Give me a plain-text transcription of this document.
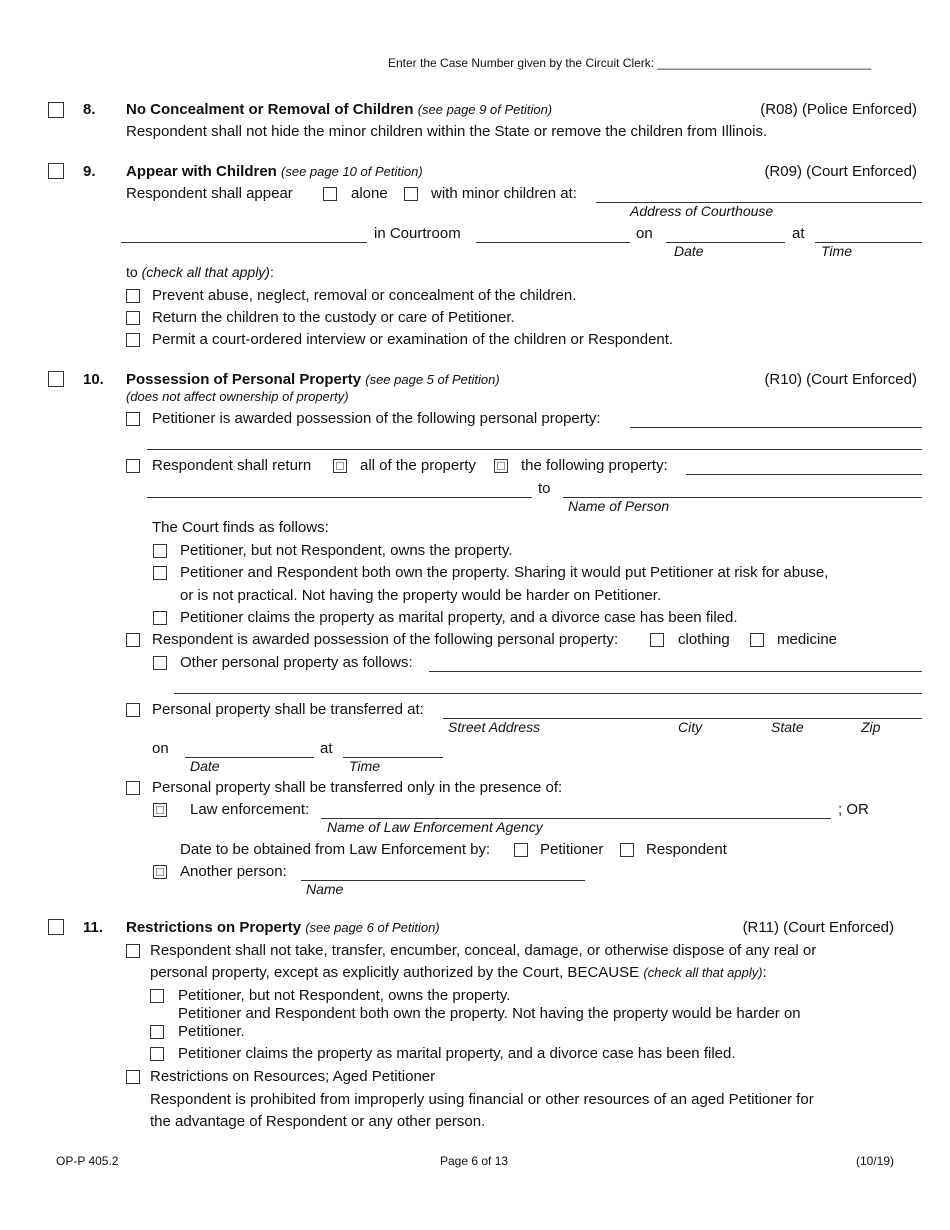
Enter the Case Number given by the Circuit Clerk: ________________________________
8. No Concealment or Removal of Children (see page 9 of Petition)	(R08) (Police Enforced)
Respondent shall not hide the minor children within the State or remove the children from Illinois.
9. Appear with Children (see page 10 of Petition)	(R09) (Court Enforced)
Respondent shall appear	alone	with minor children at:
Address of Courthouse
in Courtroom	on
Date
at
Time
to (check all that apply):
Prevent abuse, neglect, removal or concealment of the children.
Return the children to the custody or care of Petitioner.
Permit a court-ordered interview or examination of the children or Respondent.
10. Possession of Personal Property (see page 5 of Petition)	(R10) (Court Enforced)
(does not affect ownership of property)
Petitioner is awarded possession of the following personal property:
Respondent shall return	all of the property	the following property:
to
Name of Person
The Court finds as follows:
Petitioner, but not Respondent, owns the property.
Petitioner and Respondent both own the property. Sharing it would put Petitioner at risk for abuse,
or is not practical. Not having the property would be harder on Petitioner.
Petitioner claims the property as marital property, and a divorce case has been filed.
Respondent is awarded possession of the following personal property:	clothing	medicine
Other personal property as follows:
Personal property shall be transferred at:
Street Address	City	State	Zip
on
Date
at
Time
Personal property shall be transferred only in the presence of:
Law enforcement:	; OR
Name of Law Enforcement Agency
Date to be obtained from Law Enforcement by:	Petitioner	Respondent
Another person:
Name
11. Restrictions on Property (see page 6 of Petition)	(R11) (Court Enforced)
Respondent shall not take, transfer, encumber, conceal, damage, or otherwise dispose of any real or
personal property, except as explicitly authorized by the Court, BECAUSE (check all that apply):
Petitioner, but not Respondent, owns the property.
Petitioner and Respondent both own the property. Not having the property would be harder on
Petitioner.
Petitioner claims the property as marital property, and a divorce case has been filed.
Restrictions on Resources; Aged Petitioner
Respondent is prohibited from improperly using financial or other resources of an aged Petitioner for
the advantage of Respondent or any other person.
OP-P 405.2	Page 6 of 13	(10/19)
